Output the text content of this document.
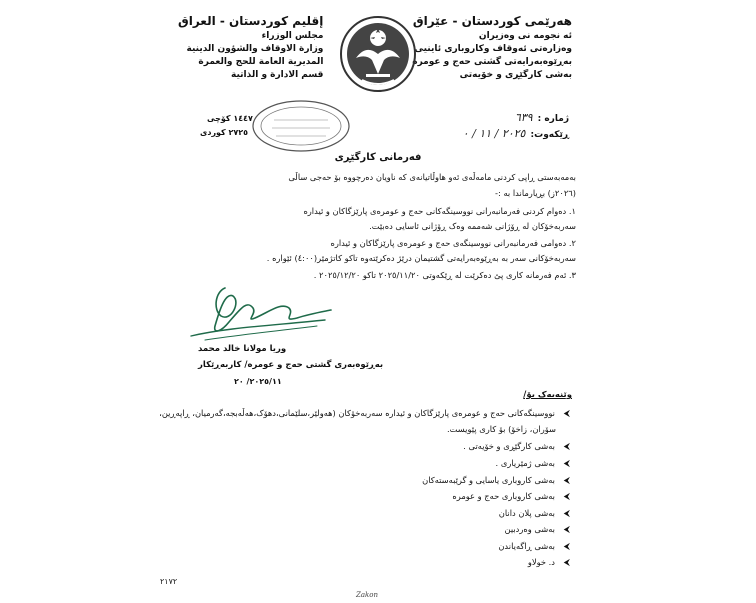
هەرێمی کوردستان - عێراق
ئه نجومه نی وەزیران
وەزارەتی ئەوقاف وکاروباری ئاینیی
بەڕێوەبەرایەتی گشتی حەج و عومرە
بەشی کارگێڕی و خۆیەتی
إقليم كوردستان - العراق
مجلس الوزراء
وزارة الاوقاف والشؤون الدينية
المديرية العامة للحج والعمرة
قسم الادارة و الذاتية
ژمارە : ٦٣٩
ڕێکەوت: ٢٠٢٥ / ١١ / ٠
١٤٤٧ کۆچی
٢٧٢٥ کوردی
فەرمانی کارگێڕی
بەمەبەستی ڕاپی کردنی مامەڵەی ئەو هاوڵاتیانەی کە ناویان دەرچووە بۆ حەجی ساڵی
(٢٠٢٦ز) بڕیارماندا بە :-
١. دەوام کردنی فەرمانبەرانی نووسینگەکانی حەج و عومرەی پارێزگاکان و ئیدارە
سەربەخۆکان لە ڕۆژانی شەممە وەک ڕۆژانی ئاسایی دەبێت.
٢. دەوامی فەرمانبەرانی نووسینگەی حەج و عومرەی پارێزگاکان و ئیدارە
سەربەخۆکانی سەر بە بەڕێوەبەرایەتی گشتیمان درێژ دەکرێتەوە تاکو کاتژمێر(٤:٠٠) ئێوارە .
٣. ئەم فەرمانە کاری پێ دەکرێت لە ڕێکەوتی ٢٠٢٥/١١/٢٠ تاکو ٢٠٢٥/١٢/٢٠ .
وریا مولانا خالد محمد
بەڕێوەبەری گشتی حەج و عومرە/ کاربەڕێکار
٢٠٢٥/١١/ ٢٠
وێنەیەک بۆ/
⮜ نووسینگەکانی حەج و عومرەی پارێزگاکان و ئیدارە سەربەخۆکان (هەولێر،سلێمانی،دهۆک،هەڵەبجە،گەرمیان، ڕاپەڕین،
سۆران، زاخۆ) بۆ کاری پێویست.
⮜ بەشی کارگێڕی و خۆیەتی .
⮜ بەشی ژمێریاری .
⮜ بەشی کاروباری یاسایی و گرێبەستەکان
⮜ بەشی کاروباری حەج و عومرە
⮜ بەشی پلان دانان
⮜ بەشی وەردبین
⮜ بەشی ڕاگەیاندن
⮜ د. خولاو
٢١٧٢
Zakon
